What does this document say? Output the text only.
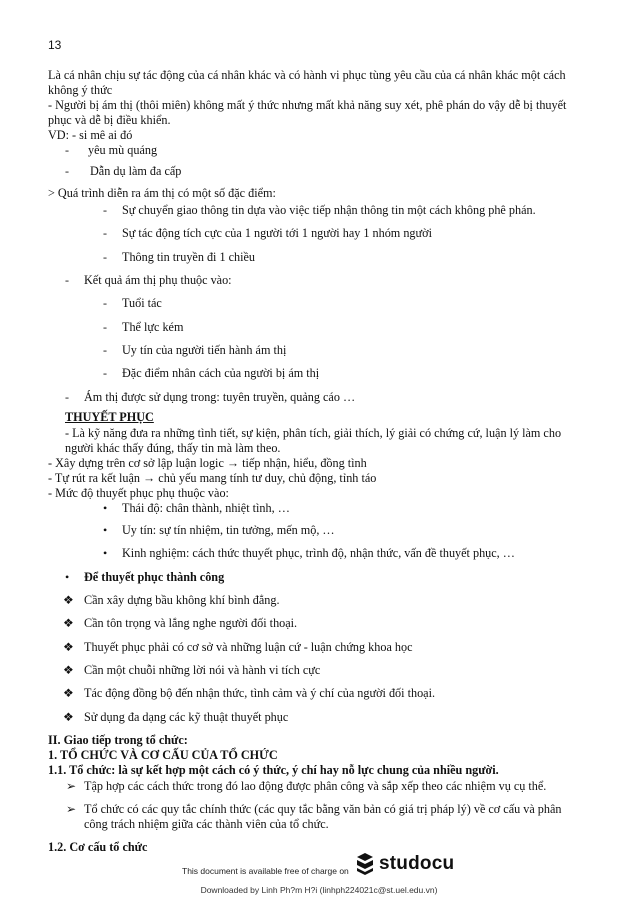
13
Là cá nhân chịu sự tác động của cá nhân khác và có hành vi phục tùng yêu cầu của cá nhân khác một cách
không ý thức
- Người bị ám thị (thôi miên) không mất ý thức nhưng mất khả năng suy xét, phê phán do vậy dễ bị thuyết
phục và dễ bị điều khiển.
VD: - si mê ai đó
- yêu mù quáng
- Dẫn dụ làm đa cấp
> Quá trình diễn ra ám thị có một số đặc điểm:
- Sự chuyển giao thông tin dựa vào việc tiếp nhận thông tin một cách không phê phán.
- Sự tác động tích cực của 1 người tới 1 người hay 1 nhóm người
- Thông tin truyền đi 1 chiều
- Kết quả ám thị phụ thuộc vào:
- Tuổi tác
- Thể lực kém
- Uy tín của người tiến hành ám thị
- Đặc điểm nhân cách của người bị ám thị
- Ám thị được sử dụng trong: tuyên truyền, quảng cáo …
THUYẾT PHỤC
- Là kỹ năng đưa ra những tình tiết, sự kiện, phân tích, giải thích, lý giải có chứng cứ, luận lý làm cho
người khác thấy đúng, thấy tin mà làm theo.
- Xây dựng trên cơ sở lập luận logic → tiếp nhận, hiểu, đồng tình
- Tự rút ra kết luận → chủ yếu mang tính tư duy, chủ động, tỉnh táo
- Mức độ thuyết phục phụ thuộc vào:
• Thái độ: chân thành, nhiệt tình, …
• Uy tín: sự tín nhiệm, tin tưởng, mến mộ, …
• Kinh nghiệm: cách thức thuyết phục, trình độ, nhận thức, vấn đề thuyết phục, …
• Để thuyết phục thành công
❖ Cần xây dựng bầu không khí bình đẳng.
❖ Cần tôn trọng và lắng nghe người đối thoại.
❖ Thuyết phục phải có cơ sở và những luận cứ - luận chứng khoa học
❖ Cần một chuỗi những lời nói và hành vi tích cực
❖ Tác động đồng bộ đến nhận thức, tình cảm và ý chí của người đối thoại.
❖ Sử dụng đa dạng các kỹ thuật thuyết phục
II. Giao tiếp trong tổ chức:
1. TỔ CHỨC VÀ CƠ CẤU CỦA TỔ CHỨC
1.1. Tổ chức: là sự kết hợp một cách có ý thức, ý chí hay nỗ lực chung của nhiều người.
➢ Tập hợp các cách thức trong đó lao động được phân công và sắp xếp theo các nhiệm vụ cụ thể.
➢ Tổ chức có các quy tắc chính thức (các quy tắc bằng văn bản có giá trị pháp lý) về cơ cấu và phân
công trách nhiệm giữa các thành viên của tổ chức.
1.2. Cơ cấu tổ chức
This document is available free of charge on studocu
Downloaded by Linh Ph?m H?i (linhph224021c@st.uel.edu.vn)
